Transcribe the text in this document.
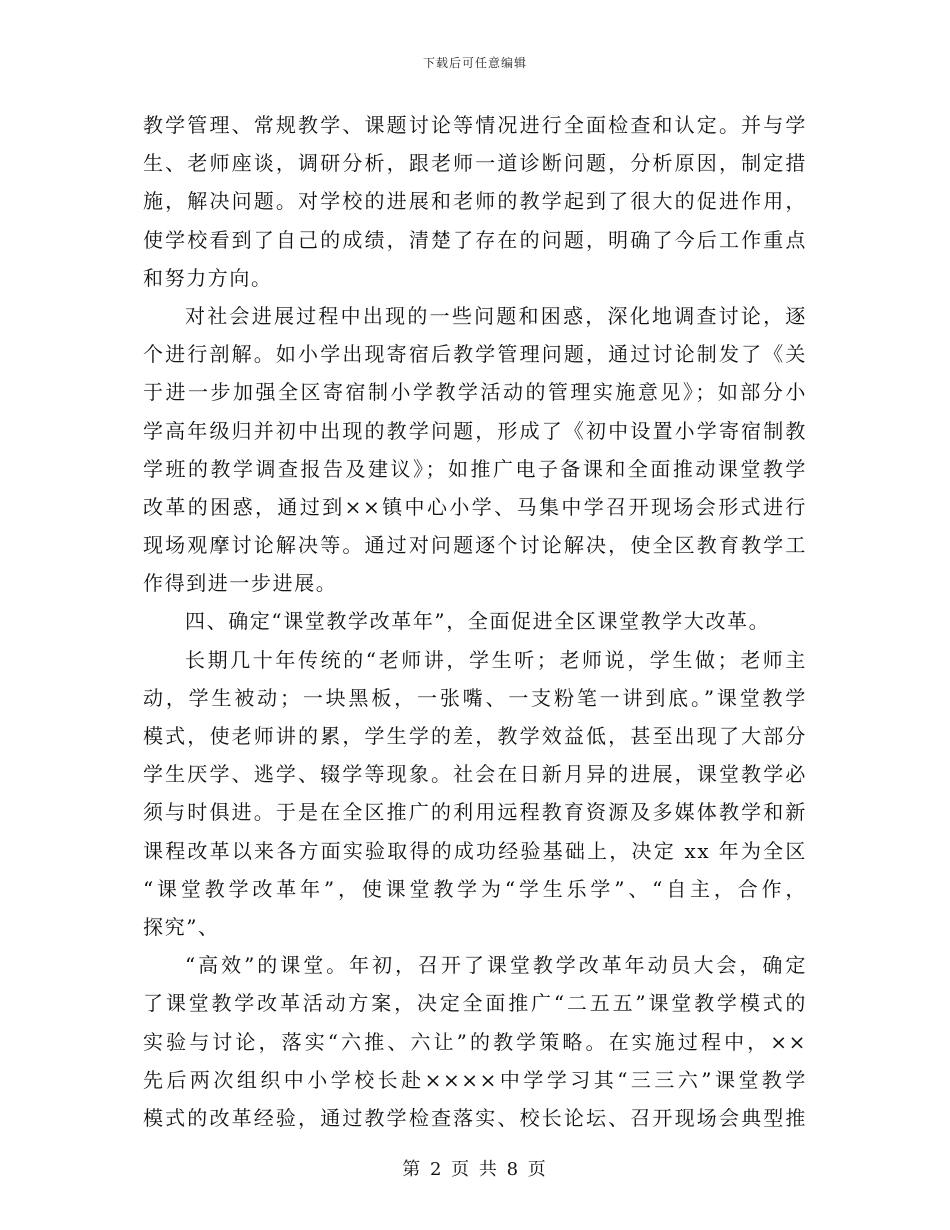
下载后可任意编辑
教学管理、常规教学、课题讨论等情况进行全面检查和认定。并与学
生、老师座谈，调研分析，跟老师一道诊断问题，分析原因，制定措
施，解决问题。对学校的进展和老师的教学起到了很大的促进作用，
使学校看到了自己的成绩，清楚了存在的问题，明确了今后工作重点
和努力方向。
对社会进展过程中出现的一些问题和困惑，深化地调查讨论，逐
个进行剖解。如小学出现寄宿后教学管理问题，通过讨论制发了《关
于进一步加强全区寄宿制小学教学活动的管理实施意见》；如部分小
学高年级归并初中出现的教学问题，形成了《初中设置小学寄宿制教
学班的教学调查报告及建议》；如推广电子备课和全面推动课堂教学
改革的困惑，通过到××镇中心小学、马集中学召开现场会形式进行
现场观摩讨论解决等。通过对问题逐个讨论解决，使全区教育教学工
作得到进一步进展。
四、确定“课堂教学改革年”，全面促进全区课堂教学大改革。
长期几十年传统的“老师讲，学生听；老师说，学生做；老师主
动，学生被动；一块黑板，一张嘴、一支粉笔一讲到底。”课堂教学
模式，使老师讲的累，学生学的差，教学效益低，甚至出现了大部分
学生厌学、逃学、辍学等现象。社会在日新月异的进展，课堂教学必
须与时俱进。于是在全区推广的利用远程教育资源及多媒体教学和新
课程改革以来各方面实验取得的成功经验基础上，决定 xx 年为全区
“课堂教学改革年”，使课堂教学为“学生乐学”、“自主，合作，
探究”、
“高效”的课堂。年初，召开了课堂教学改革年动员大会，确定
了课堂教学改革活动方案，决定全面推广“二五五”课堂教学模式的
实验与讨论，落实“六推、六让”的教学策略。在实施过程中，××
先后两次组织中小学校长赴××××中学学习其“三三六”课堂教学
模式的改革经验，通过教学检查落实、校长论坛、召开现场会典型推
第 2 页 共 8 页
